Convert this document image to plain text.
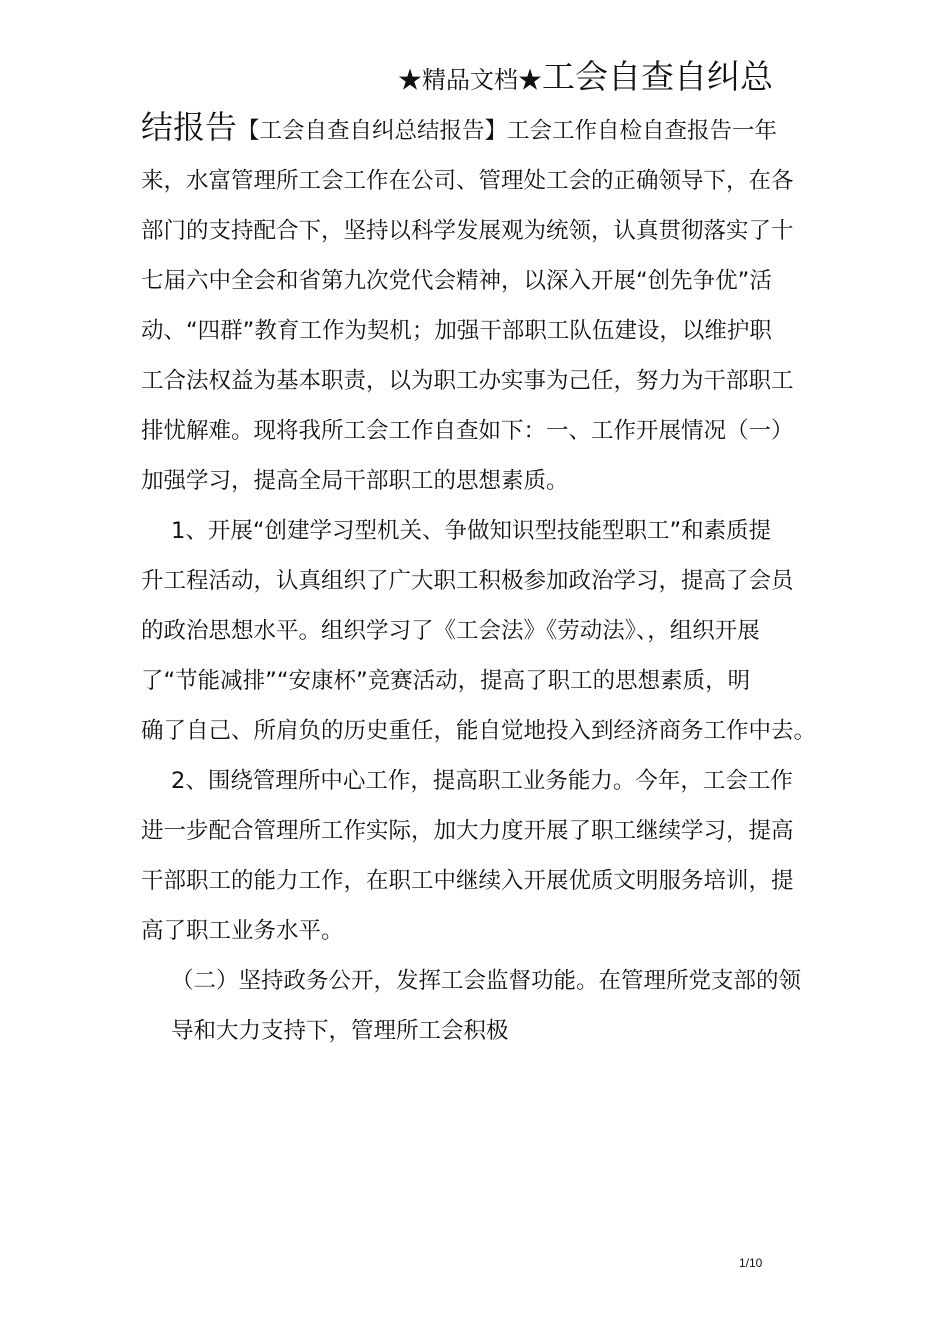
★精品文档★工会自查自纠总
结报告【工会自查自纠总结报告】工会工作自检自查报告一年
来，水富管理所工会工作在公司、管理处工会的正确领导下，在各
部门的支持配合下，坚持以科学发展观为统领，认真贯彻落实了十
七届六中全会和省第九次党代会精神，以深入开展“创先争优”活
动、“四群”教育工作为契机；加强干部职工队伍建设，以维护职
工合法权益为基本职责，以为职工办实事为己任，努力为干部职工
排忧解难。现将我所工会工作自查如下：一、工作开展情况（一）
加强学习，提高全局干部职工的思想素质。
1、开展“创建学习型机关、争做知识型技能型职工”和素质提
升工程活动，认真组织了广大职工积极参加政治学习，提高了会员
的政治思想水平。组织学习了《工会法》《劳动法》、，组织开展
了“节能减排”“安康杯”竞赛活动，提高了职工的思想素质，明
确了自己、所肩负的历史重任，能自觉地投入到经济商务工作中去。
2、围绕管理所中心工作，提高职工业务能力。今年，工会工作
进一步配合管理所工作实际，加大力度开展了职工继续学习，提高
干部职工的能力工作，在职工中继续入开展优质文明服务培训，提
高了职工业务水平。
（二）坚持政务公开，发挥工会监督功能。在管理所党支部的领
导和大力支持下，管理所工会积极
1/10
